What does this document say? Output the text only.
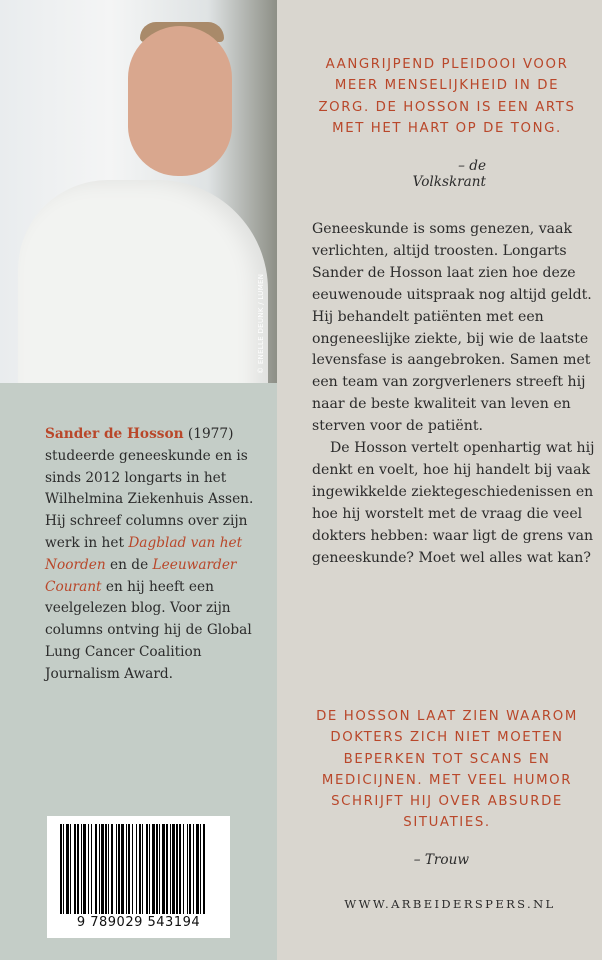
© ENELLE DEUNK / LUMEN
Sander de Hosson (1977) studeerde geneeskunde en is sinds 2012 longarts in het Wilhelmina Ziekenhuis Assen. Hij schreef columns over zijn werk in het Dagblad van het Noorden en de Leeuwarder Courant en hij heeft een veelgelezen blog. Voor zijn columns ontving hij de Global Lung Cancer Coalition Journalism Award.
9 789029 543194
AANGRIJPEND PLEIDOOI VOOR
MEER MENSELIJKHEID IN DE
ZORG. DE HOSSON IS EEN ARTS
MET HET HART OP DE TONG.
– de Volkskrant

Geneeskunde is soms genezen, vaak verlichten, altijd troosten. Longarts Sander de Hosson laat zien hoe deze eeuwenoude uitspraak nog altijd geldt. Hij behandelt patiënten met een ongeneeslijke ziekte, bij wie de laatste levensfase is aangebroken. Samen met een team van zorgverleners streeft hij naar de beste kwaliteit van leven en sterven voor de patiënt.

De Hosson vertelt openhartig wat hij denkt en voelt, hoe hij handelt bij vaak ingewikkelde ziektegeschiedenissen en hoe hij worstelt met de vraag die veel dokters hebben: waar ligt de grens van geneeskunde? Moet wel alles wat kan?

DE HOSSON LAAT ZIEN WAAROM
DOKTERS ZICH NIET MOETEN
BEPERKEN TOT SCANS EN
MEDICIJNEN. MET VEEL HUMOR
SCHRIJFT HIJ OVER ABSURDE
SITUATIES.
– Trouw
WWW.ARBEIDERSPERS.NL
